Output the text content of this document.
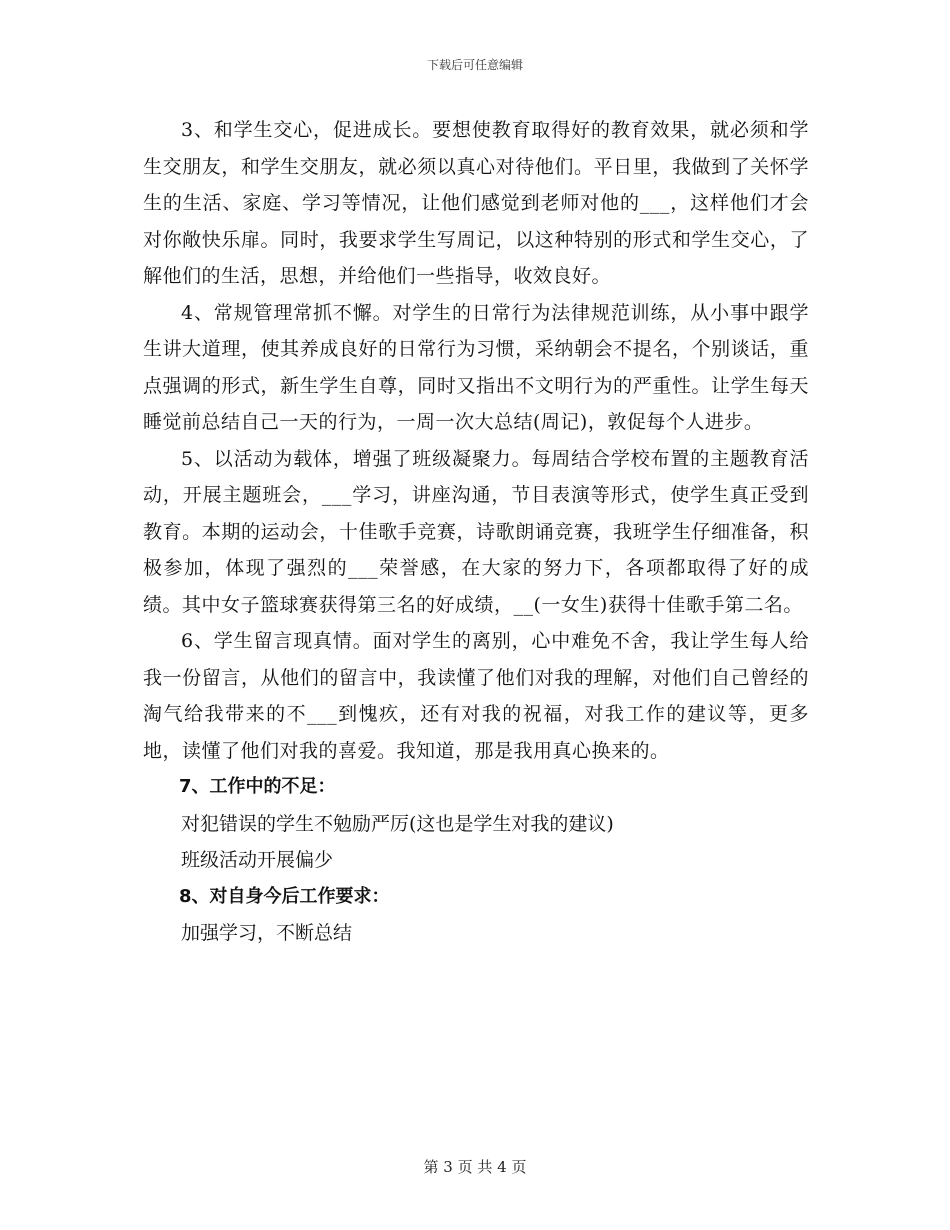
下载后可任意编辑

3、和学生交心，促进成长。要想使教育取得好的教育效果，就必须和学生交朋友，和学生交朋友，就必须以真心对待他们。平日里，我做到了关怀学生的生活、家庭、学习等情况，让他们感觉到老师对他的___，这样他们才会对你敞快乐扉。同时，我要求学生写周记，以这种特别的形式和学生交心，了解他们的生活，思想，并给他们一些指导，收效良好。

4、常规管理常抓不懈。对学生的日常行为法律规范训练，从小事中跟学生讲大道理，使其养成良好的日常行为习惯，采纳朝会不提名，个别谈话，重点强调的形式，新生学生自尊，同时又指出不文明行为的严重性。让学生每天睡觉前总结自己一天的行为，一周一次大总结(周记)，敦促每个人进步。

5、以活动为载体，增强了班级凝聚力。每周结合学校布置的主题教育活动，开展主题班会，___学习，讲座沟通，节目表演等形式，使学生真正受到教育。本期的运动会，十佳歌手竞赛，诗歌朗诵竞赛，我班学生仔细准备，积极参加，体现了强烈的___荣誉感，在大家的努力下，各项都取得了好的成绩。其中女子篮球赛获得第三名的好成绩，__(一女生)获得十佳歌手第二名。

6、学生留言现真情。面对学生的离别，心中难免不舍，我让学生每人给我一份留言，从他们的留言中，我读懂了他们对我的理解，对他们自己曾经的淘气给我带来的不___到愧疚，还有对我的祝福，对我工作的建议等，更多地，读懂了他们对我的喜爱。我知道，那是我用真心换来的。

7、工作中的不足：

对犯错误的学生不勉励严厉(这也是学生对我的建议)

班级活动开展偏少

8、对自身今后工作要求：

加强学习，不断总结

第 3 页 共 4 页
